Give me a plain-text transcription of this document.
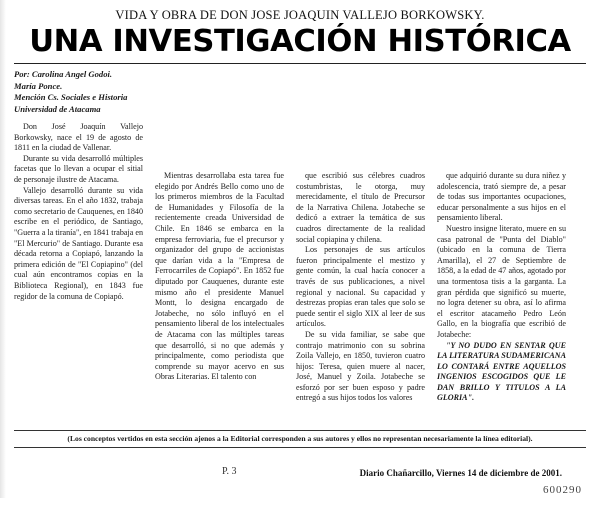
VIDA Y OBRA DE DON JOSE JOAQUIN VALLEJO BORKOWSKY.
UNA INVESTIGACIÓN HISTÓRICA
Por: Carolina Angel Godoi.
María Ponce.
Mención Cs. Sociales e Historia
Universidad de Atacama

Don José Joaquín Vallejo Borkowsky, nace el 19 de agosto de 1811 en la ciudad de Vallenar.

Durante su vida desarrolló múltiples facetas que lo llevan a ocupar el sitial de personaje ilustre de Atacama.

Vallejo desarrolló durante su vida diversas tareas. En el año 1832, trabaja como secretario de Cauquenes, en 1840 escribe en el periódico, de Santiago, "Guerra a la tiranía", en 1841 trabaja en "El Mercurio" de Santiago. Durante esa década retorna a Copiapó, lanzando la primera edición de "El Copiapino" (del cual aún encontramos copias en la Biblioteca Regional), en 1843 fue regidor de la comuna de Copiapó.

Mientras desarrollaba esta tarea fue elegido por Andrés Bello como uno de los primeros miembros de la Facultad de Humanidades y Filosofía de la recientemente creada Universidad de Chile. En 1846 se embarca en la empresa ferroviaria, fue el precursor y organizador del grupo de accionistas que darían vida a la "Empresa de Ferrocarriles de Copiapó". En 1852 fue diputado por Cauquenes, durante este mismo año el presidente Manuel Montt, lo designa encargado de Jotabeche, no sólo influyó en el pensamiento liberal de los intelectuales de Atacama con las múltiples tareas que desarrolló, si no que además y principalmente, como periodista que comprende su mayor acervo en sus Obras Literarias. El talento con

que escribió sus célebres cuadros costumbristas, le otorga, muy merecidamente, el título de Precursor de la Narrativa Chilena. Jotabeche se dedicó a extraer la temática de sus cuadros directamente de la realidad social copiapina y chilena.

Los personajes de sus artículos fueron principalmente el mestizo y gente común, la cual hacía conocer a través de sus publicaciones, a nivel regional y nacional. Su capacidad y destrezas propias eran tales que solo se puede sentir el siglo XIX al leer de sus artículos.

De su vida familiar, se sabe que contrajo matrimonio con su sobrina Zoila Vallejo, en 1850, tuvieron cuatro hijos: Teresa, quien muere al nacer, José, Manuel y Zoila. Jotabeche se esforzó por ser buen esposo y padre entregó a sus hijos todos los valores

que adquirió durante su dura niñez y adolescencia, trató siempre de, a pesar de todas sus importantes ocupaciones, educar personalmente a sus hijos en el pensamiento liberal.

Nuestro insigne literato, muere en su casa patronal de "Punta del Diablo" (ubicado en la comuna de Tierra Amarilla), el 27 de Septiembre de 1858, a la edad de 47 años, agotado por una tormentosa tisis a la garganta. La gran pérdida que significó su muerte, no logra detener su obra, así lo afirma el escritor atacameño Pedro León Gallo, en la biografía que escribió de Jotabeche:

"Y NO DUDO EN SENTAR QUE LA LITERATURA SUDAMERICANA LO CONTARÁ ENTRE AQUELLOS INGENIOS ESCOGIDOS QUE LE DAN BRILLO Y TITULOS A LA GLORIA".

(Los conceptos vertidos en esta sección ajenos a la Editorial corresponden a sus autores y ellos no representan necesariamente la línea editorial).
P. 3	Diario Chañarcillo, Viernes 14 de diciembre de 2001.
600290
